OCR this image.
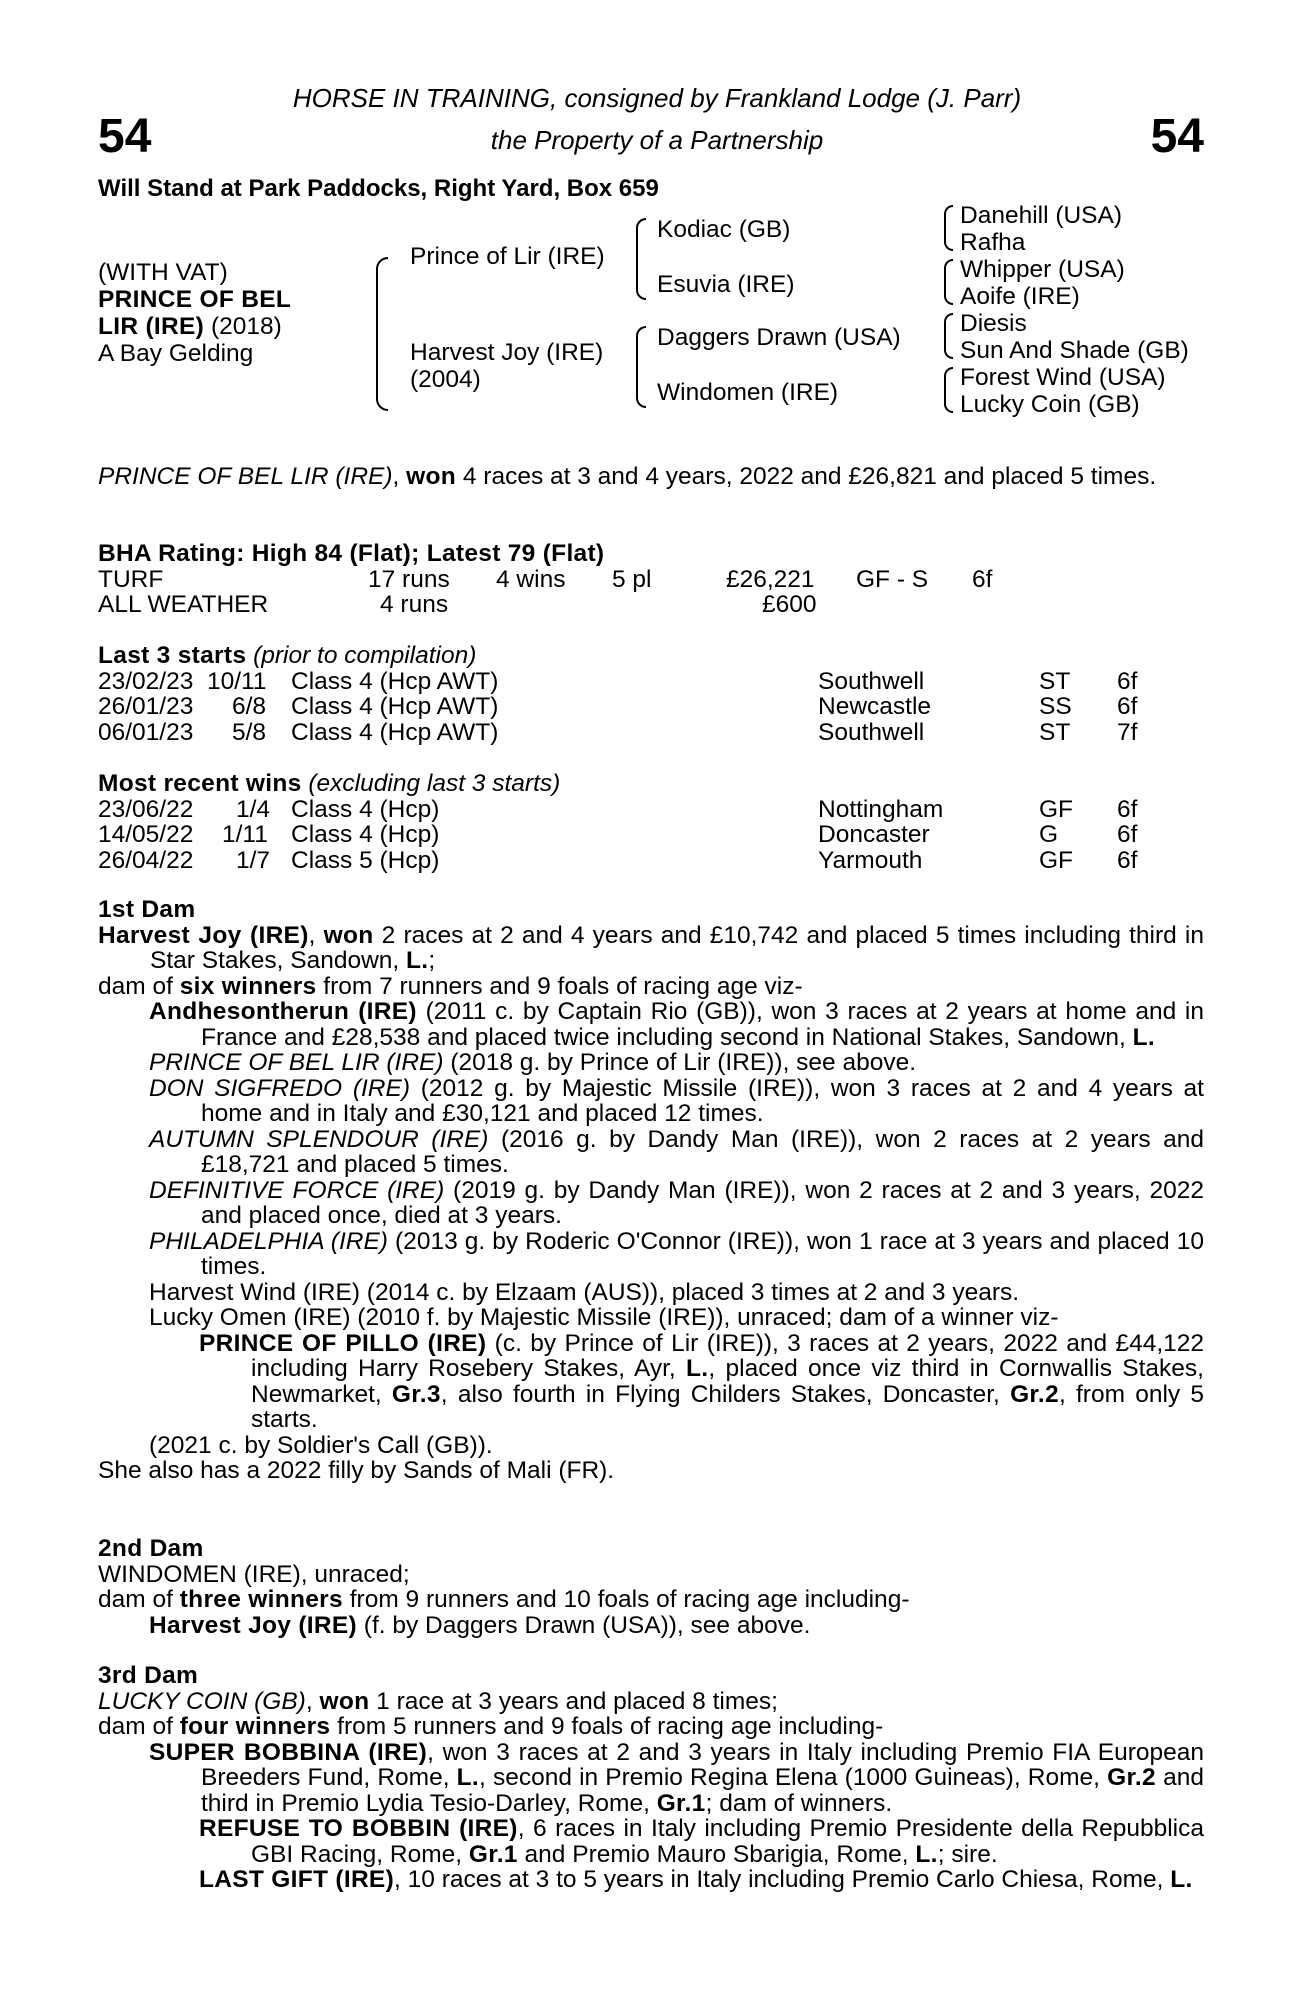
HORSE IN TRAINING, consigned by Frankland Lodge (J. Parr)
the Property of a Partnership
54	54
Will Stand at Park Paddocks, Right Yard, Box 659
(WITH VAT)
PRINCE OF BEL
LIR (IRE) (2018)
A Bay Gelding
Prince of Lir (IRE)
Harvest Joy (IRE)
(2004)
Kodiac (GB)
Esuvia (IRE)
Daggers Drawn (USA)
Windomen (IRE)
Danehill (USA)
Rafha
Whipper (USA)
Aoife (IRE)
Diesis
Sun And Shade (GB)
Forest Wind (USA)
Lucky Coin (GB)
PRINCE OF BEL LIR (IRE), won 4 races at 3 and 4 years, 2022 and £26,821 and placed 5 times.
BHA Rating: High 84 (Flat); Latest 79 (Flat)
TURF	17 runs 4 wins 5 pl	£26,221 GF - S 6f
ALL WEATHER	4 runs	£600
Last 3 starts (prior to compilation)
23/02/23 10/11 Class 4 (Hcp AWT)	Southwell	ST 6f
26/01/23 6/8 Class 4 (Hcp AWT)	Newcastle	SS 6f
06/01/23 5/8 Class 4 (Hcp AWT)	Southwell	ST 7f
Most recent wins (excluding last 3 starts)
23/06/22 1/4 Class 4 (Hcp)	Nottingham	GF 6f
14/05/22 1/11 Class 4 (Hcp)	Doncaster	G 6f
26/04/22 1/7 Class 5 (Hcp)	Yarmouth	GF 6f
1st Dam
Harvest Joy (IRE), won 2 races at 2 and 4 years and £10,742 and placed 5 times including third in Star Stakes, Sandown, L.;
dam of six winners from 7 runners and 9 foals of racing age viz-
Andhesontherun (IRE) (2011 c. by Captain Rio (GB)), won 3 races at 2 years at home and in France and £28,538 and placed twice including second in National Stakes, Sandown, L.
PRINCE OF BEL LIR (IRE) (2018 g. by Prince of Lir (IRE)), see above.
DON SIGFREDO (IRE) (2012 g. by Majestic Missile (IRE)), won 3 races at 2 and 4 years at home and in Italy and £30,121 and placed 12 times.
AUTUMN SPLENDOUR (IRE) (2016 g. by Dandy Man (IRE)), won 2 races at 2 years and £18,721 and placed 5 times.
DEFINITIVE FORCE (IRE) (2019 g. by Dandy Man (IRE)), won 2 races at 2 and 3 years, 2022 and placed once, died at 3 years.
PHILADELPHIA (IRE) (2013 g. by Roderic O'Connor (IRE)), won 1 race at 3 years and placed 10 times.
Harvest Wind (IRE) (2014 c. by Elzaam (AUS)), placed 3 times at 2 and 3 years.
Lucky Omen (IRE) (2010 f. by Majestic Missile (IRE)), unraced; dam of a winner viz-
PRINCE OF PILLO (IRE) (c. by Prince of Lir (IRE)), 3 races at 2 years, 2022 and £44,122 including Harry Rosebery Stakes, Ayr, L., placed once viz third in Cornwallis Stakes, Newmarket, Gr.3, also fourth in Flying Childers Stakes, Doncaster, Gr.2, from only 5 starts.
(2021 c. by Soldier's Call (GB)).
She also has a 2022 filly by Sands of Mali (FR).
2nd Dam
WINDOMEN (IRE), unraced;
dam of three winners from 9 runners and 10 foals of racing age including-
Harvest Joy (IRE) (f. by Daggers Drawn (USA)), see above.
3rd Dam
LUCKY COIN (GB), won 1 race at 3 years and placed 8 times;
dam of four winners from 5 runners and 9 foals of racing age including-
SUPER BOBBINA (IRE), won 3 races at 2 and 3 years in Italy including Premio FIA European Breeders Fund, Rome, L., second in Premio Regina Elena (1000 Guineas), Rome, Gr.2 and third in Premio Lydia Tesio-Darley, Rome, Gr.1; dam of winners.
REFUSE TO BOBBIN (IRE), 6 races in Italy including Premio Presidente della Repubblica GBI Racing, Rome, Gr.1 and Premio Mauro Sbarigia, Rome, L.; sire.
LAST GIFT (IRE), 10 races at 3 to 5 years in Italy including Premio Carlo Chiesa, Rome, L.
